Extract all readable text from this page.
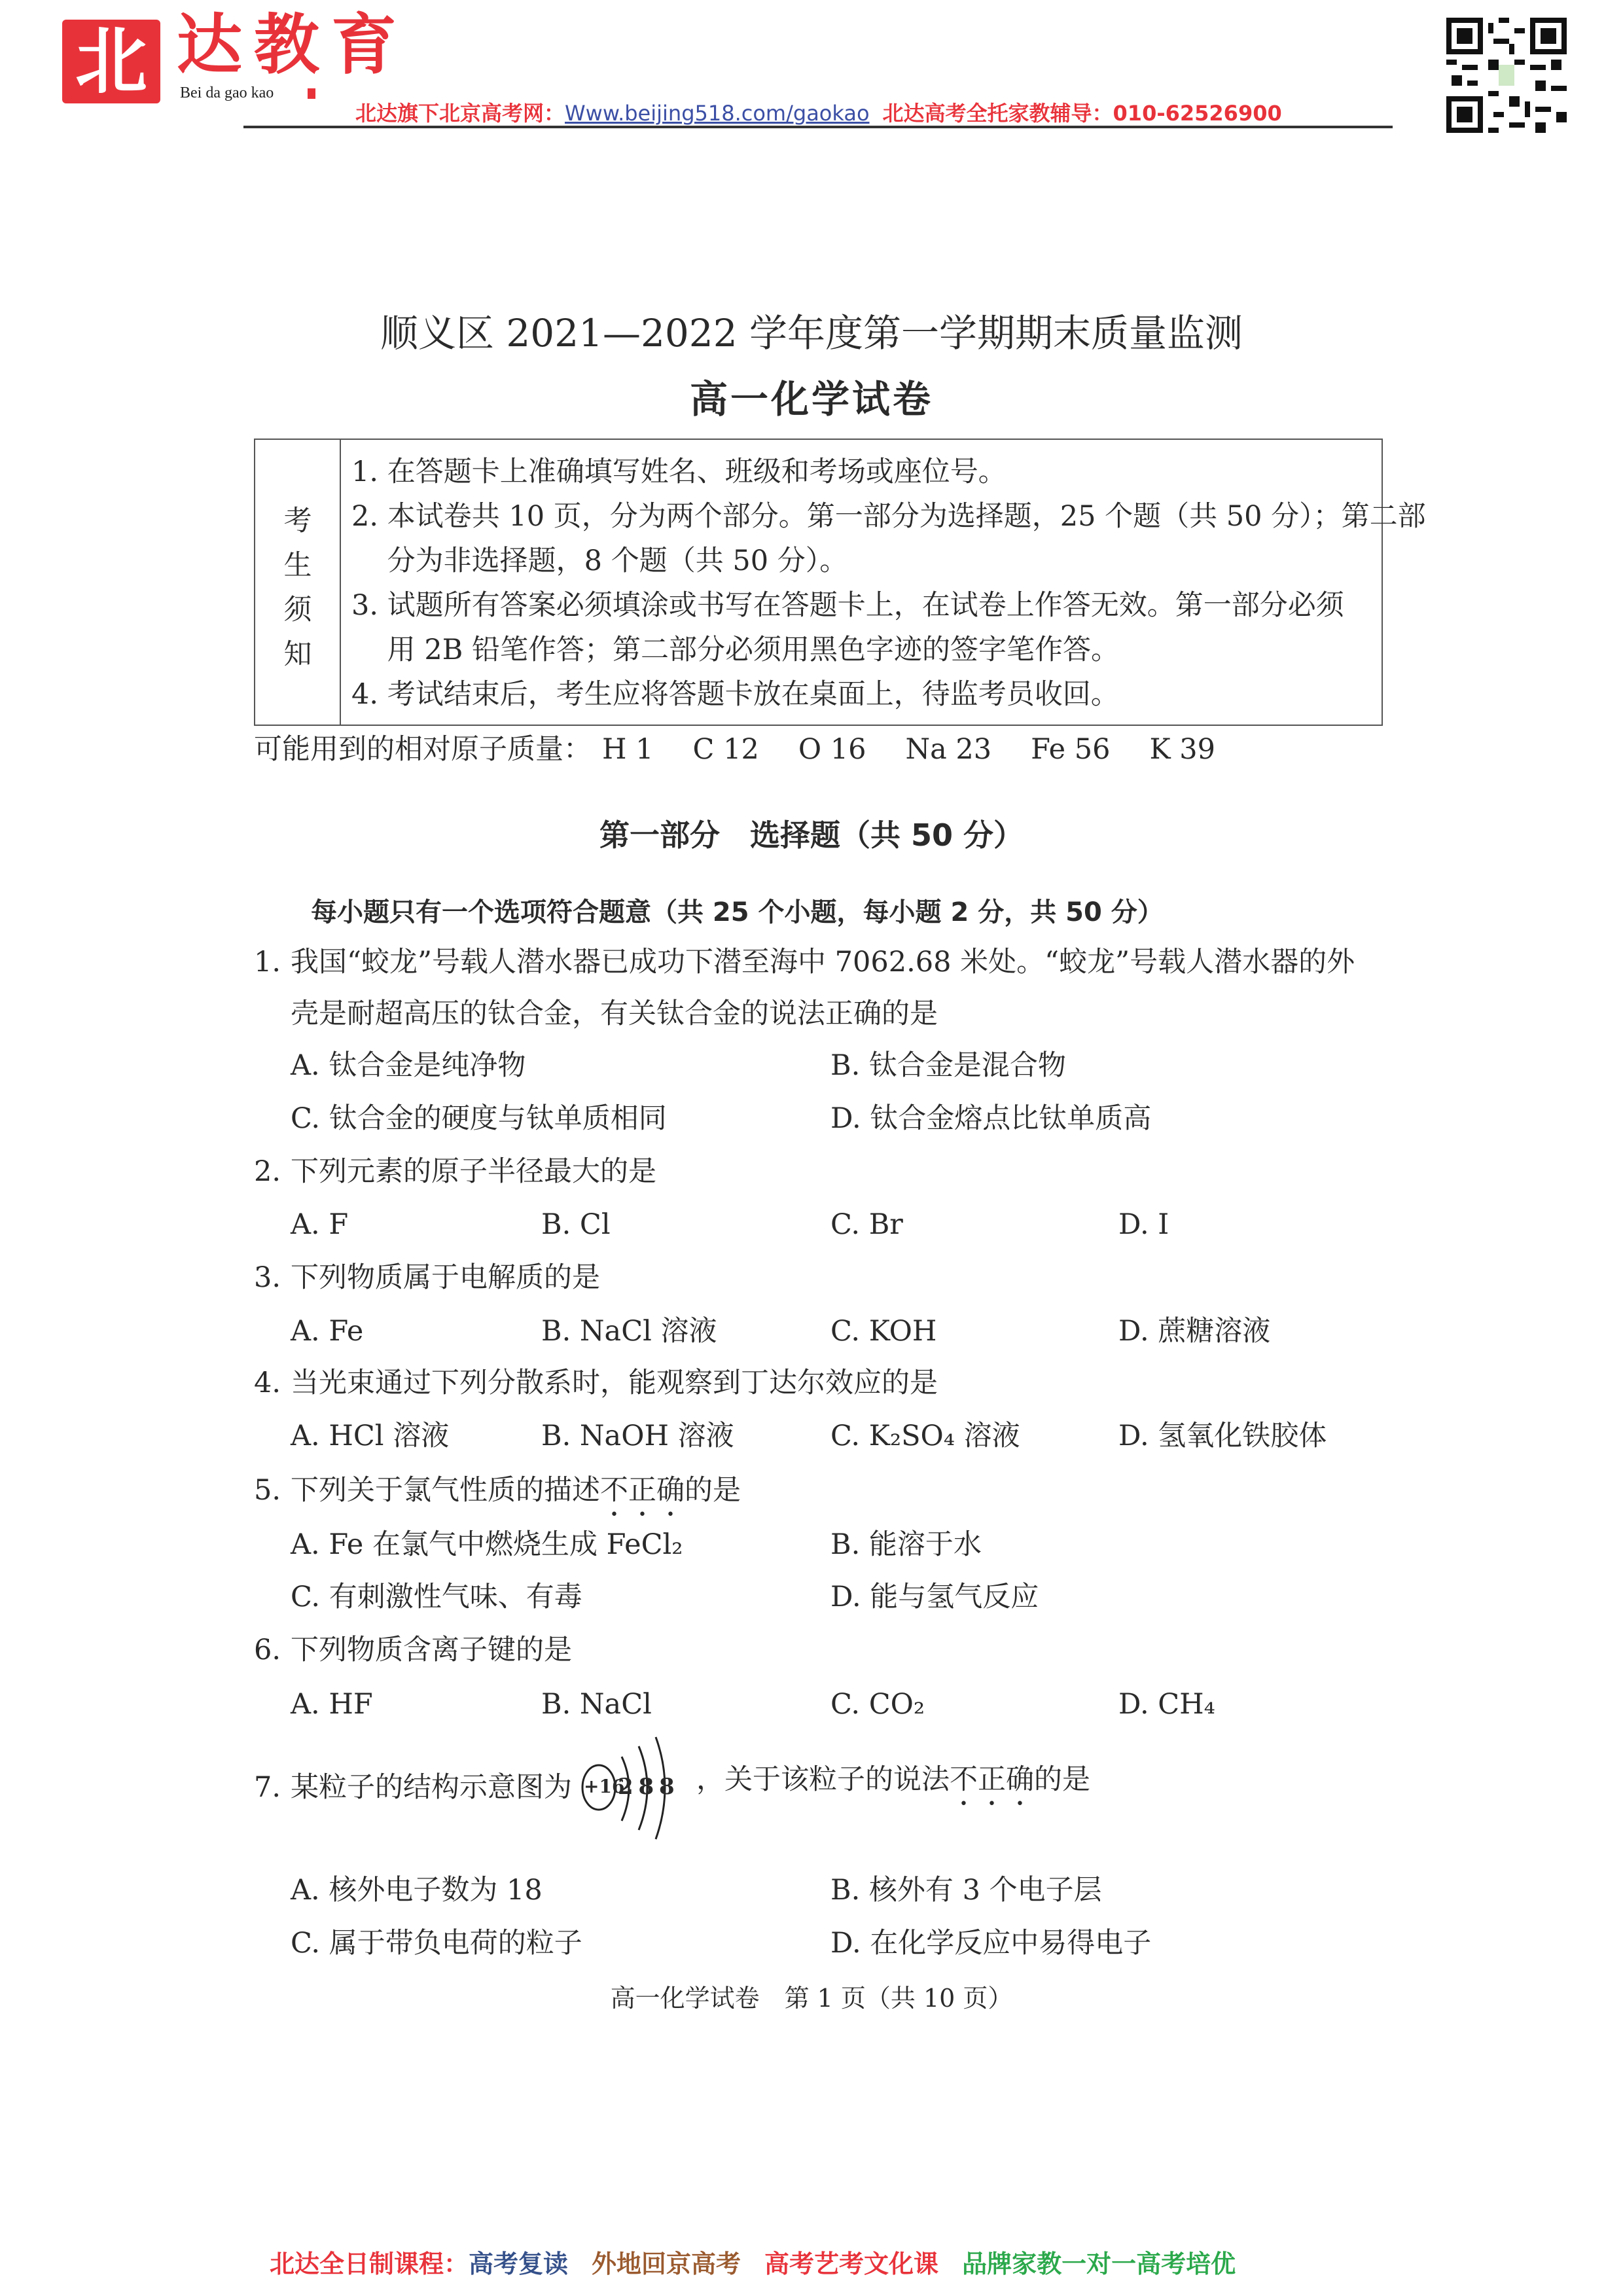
北 达教育
Bei da gao kao
北达旗下北京高考网：Www.beijing518.com/gaokao 北达高考全托家教辅导：010-62526900
顺义区 2021—2022 学年度第一学期期末质量监测
高一化学试卷
考
生
须
知
1. 在答题卡上准确填写姓名、班级和考场或座位号。
2. 本试卷共 10 页，分为两个部分。第一部分为选择题，25 个题（共 50 分）；第二部
分为非选择题，8 个题（共 50 分）。
3. 试题所有答案必须填涂或书写在答题卡上，在试卷上作答无效。第一部分必须
用 2B 铅笔作答；第二部分必须用黑色字迹的签字笔作答。
4. 考试结束后，考生应将答题卡放在桌面上，待监考员收回。
可能用到的相对原子质量： H 1 C 12 O 16 Na 23 Fe 56 K 39
第一部分　选择题（共 50 分）
每小题只有一个选项符合题意（共 25 个小题，每小题 2 分，共 50 分）
1. 我国“蛟龙”号载人潜水器已成功下潜至海中 7062.68 米处。“蛟龙”号载人潜水器的外
壳是耐超高压的钛合金，有关钛合金的说法正确的是
A. 钛合金是纯净物	B. 钛合金是混合物
C. 钛合金的硬度与钛单质相同	D. 钛合金熔点比钛单质高
2. 下列元素的原子半径最大的是
A. F	B. Cl	C. Br	D. I
3. 下列物质属于电解质的是
A. Fe	B. NaCl 溶液	C. KOH	D. 蔗糖溶液
4. 当光束通过下列分散系时，能观察到丁达尔效应的是
A. HCl 溶液	B. NaOH 溶液	C. K₂SO₄ 溶液	D. 氢氧化铁胶体
5. 下列关于氯气性质的描述不正确的是
A. Fe 在氯气中燃烧生成 FeCl₂	B. 能溶于水
C. 有刺激性气味、有毒	D. 能与氢气反应
6. 下列物质含离子键的是
A. HF	B. NaCl	C. CO₂	D. CH₄
7. 某粒子的结构示意图为 +16
2 8 8 ，关于该粒子的说法不正确的是
A. 核外电子数为 18	B. 核外有 3 个电子层
C. 属于带负电荷的粒子	D. 在化学反应中易得电子
高一化学试卷　第 1 页（共 10 页）
北达全日制课程：高考复读 外地回京高考 高考艺考文化课 品牌家教一对一高考培优
